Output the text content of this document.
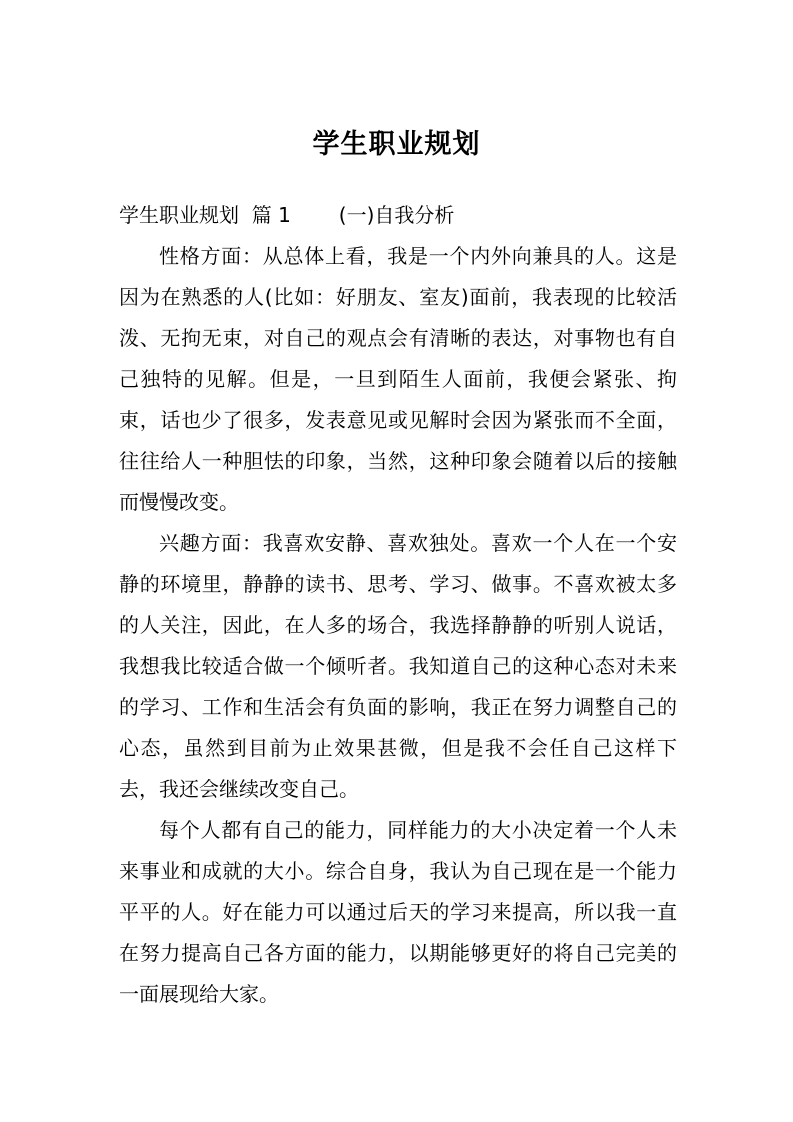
学生职业规划

学生职业规划  篇 1 (一)自我分析

性格方面：从总体上看，我是一个内外向兼具的人。这是因为在熟悉的人(比如：好朋友、室友)面前，我表现的比较活泼、无拘无束，对自己的观点会有清晰的表达，对事物也有自己独特的见解。但是，一旦到陌生人面前，我便会紧张、拘束，话也少了很多，发表意见或见解时会因为紧张而不全面，往往给人一种胆怯的印象，当然，这种印象会随着以后的接触而慢慢改变。

兴趣方面：我喜欢安静、喜欢独处。喜欢一个人在一个安静的环境里，静静的读书、思考、学习、做事。不喜欢被太多的人关注，因此，在人多的场合，我选择静静的听别人说话，我想我比较适合做一个倾听者。我知道自己的这种心态对未来的学习、工作和生活会有负面的影响，我正在努力调整自己的心态，虽然到目前为止效果甚微，但是我不会任自己这样下去，我还会继续改变自己。

每个人都有自己的能力，同样能力的大小决定着一个人未来事业和成就的大小。综合自身，我认为自己现在是一个能力平平的人。好在能力可以通过后天的学习来提高，所以我一直在努力提高自己各方面的能力，以期能够更好的将自己完美的一面展现给大家。
